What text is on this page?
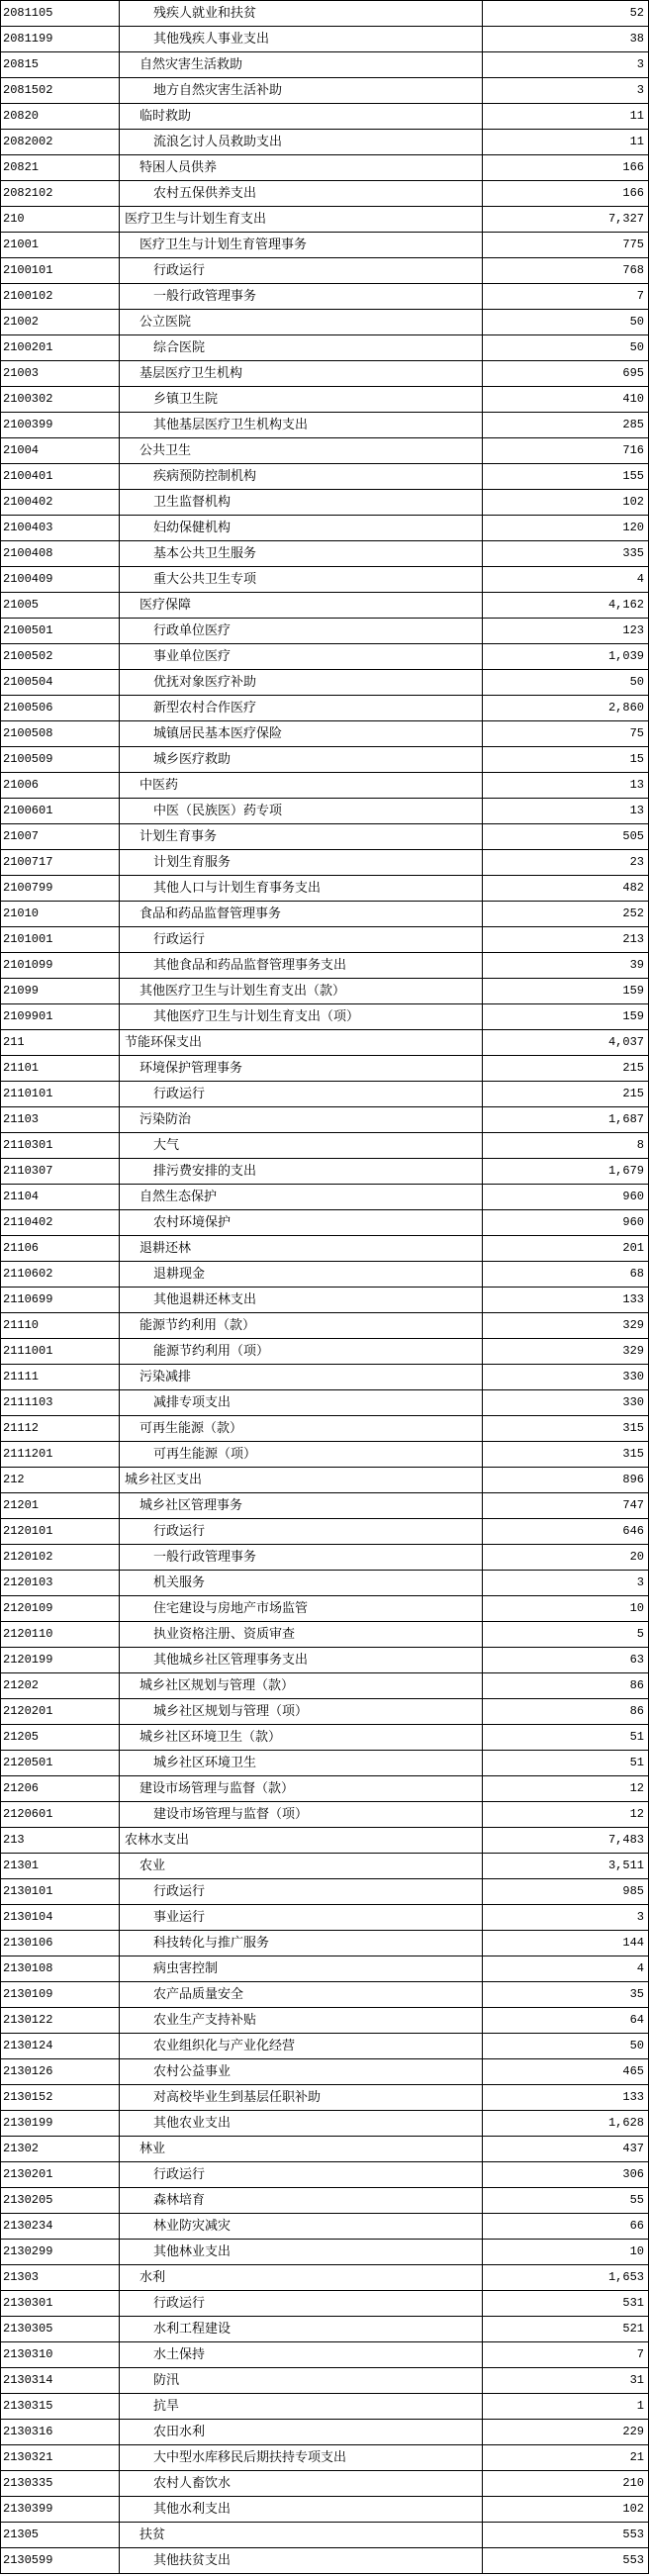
2081105	残疾人就业和扶贫	52
2081199	其他残疾人事业支出	38
20815	自然灾害生活救助	3
2081502	地方自然灾害生活补助	3
20820	临时救助	11
2082002	流浪乞讨人员救助支出	11
20821	特困人员供养	166
2082102	农村五保供养支出	166
210	医疗卫生与计划生育支出	7,327
21001	医疗卫生与计划生育管理事务	775
2100101	行政运行	768
2100102	一般行政管理事务	7
21002	公立医院	50
2100201	综合医院	50
21003	基层医疗卫生机构	695
2100302	乡镇卫生院	410
2100399	其他基层医疗卫生机构支出	285
21004	公共卫生	716
2100401	疾病预防控制机构	155
2100402	卫生监督机构	102
2100403	妇幼保健机构	120
2100408	基本公共卫生服务	335
2100409	重大公共卫生专项	4
21005	医疗保障	4,162
2100501	行政单位医疗	123
2100502	事业单位医疗	1,039
2100504	优抚对象医疗补助	50
2100506	新型农村合作医疗	2,860
2100508	城镇居民基本医疗保险	75
2100509	城乡医疗救助	15
21006	中医药	13
2100601	中医（民族医）药专项	13
21007	计划生育事务	505
2100717	计划生育服务	23
2100799	其他人口与计划生育事务支出	482
21010	食品和药品监督管理事务	252
2101001	行政运行	213
2101099	其他食品和药品监督管理事务支出	39
21099	其他医疗卫生与计划生育支出（款）	159
2109901	其他医疗卫生与计划生育支出（项）	159
211	节能环保支出	4,037
21101	环境保护管理事务	215
2110101	行政运行	215
21103	污染防治	1,687
2110301	大气	8
2110307	排污费安排的支出	1,679
21104	自然生态保护	960
2110402	农村环境保护	960
21106	退耕还林	201
2110602	退耕现金	68
2110699	其他退耕还林支出	133
21110	能源节约利用（款）	329
2111001	能源节约利用（项）	329
21111	污染减排	330
2111103	减排专项支出	330
21112	可再生能源（款）	315
2111201	可再生能源（项）	315
212	城乡社区支出	896
21201	城乡社区管理事务	747
2120101	行政运行	646
2120102	一般行政管理事务	20
2120103	机关服务	3
2120109	住宅建设与房地产市场监管	10
2120110	执业资格注册、资质审查	5
2120199	其他城乡社区管理事务支出	63
21202	城乡社区规划与管理（款）	86
2120201	城乡社区规划与管理（项）	86
21205	城乡社区环境卫生（款）	51
2120501	城乡社区环境卫生	51
21206	建设市场管理与监督（款）	12
2120601	建设市场管理与监督（项）	12
213	农林水支出	7,483
21301	农业	3,511
2130101	行政运行	985
2130104	事业运行	3
2130106	科技转化与推广服务	144
2130108	病虫害控制	4
2130109	农产品质量安全	35
2130122	农业生产支持补贴	64
2130124	农业组织化与产业化经营	50
2130126	农村公益事业	465
2130152	对高校毕业生到基层任职补助	133
2130199	其他农业支出	1,628
21302	林业	437
2130201	行政运行	306
2130205	森林培育	55
2130234	林业防灾减灾	66
2130299	其他林业支出	10
21303	水利	1,653
2130301	行政运行	531
2130305	水利工程建设	521
2130310	水土保持	7
2130314	防汛	31
2130315	抗旱	1
2130316	农田水利	229
2130321	大中型水库移民后期扶持专项支出	21
2130335	农村人畜饮水	210
2130399	其他水利支出	102
21305	扶贫	553
2130599	其他扶贫支出	553
